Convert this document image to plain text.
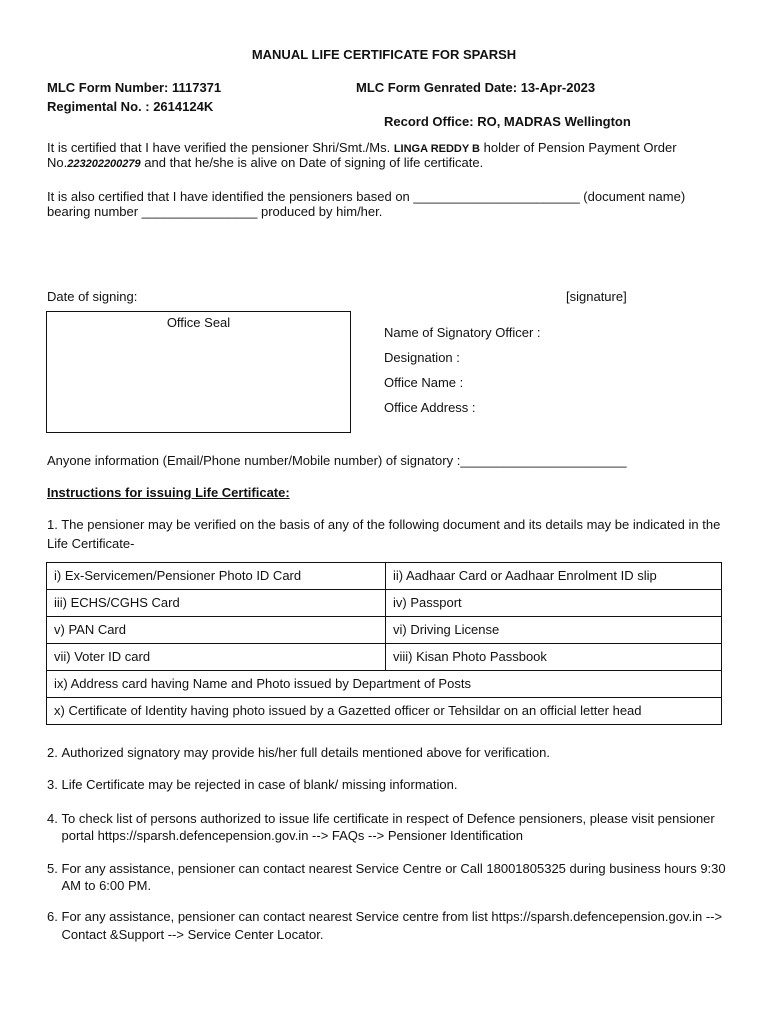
MANUAL LIFE CERTIFICATE FOR SPARSH
MLC Form Number: 1117371	MLC Form Genrated Date: 13-Apr-2023
Regimental No. : 2614124K
Record Office: RO, MADRAS Wellington

It is certified that I have verified the pensioner Shri/Smt./Ms. LINGA REDDY B holder of Pension Payment Order No.223202200279 and that he/she is alive on Date of signing of life certificate.

It is also certified that I have identified the pensioners based on _______________________ (document name) bearing number ________________ produced by him/her.

Date of signing:	[signature]
Office Seal
Name of Signatory Officer :
Designation :
Office Name :
Office Address :
Anyone information (Email/Phone number/Mobile number) of signatory :_______________________
Instructions for issuing Life Certificate:

1. The pensioner may be verified on the basis of any of the following document and its details may be indicated in the Life Certificate-

i) Ex-Servicemen/Pensioner Photo ID Card	ii) Aadhaar Card or Aadhaar Enrolment ID slip
iii) ECHS/CGHS Card	iv) Passport
v) PAN Card	vi) Driving License
vii) Voter ID card	viii) Kisan Photo Passbook
ix) Address card having Name and Photo issued by Department of Posts	
x) Certificate of Identity having photo issued by a Gazetted officer or Tehsildar on an official letter head	
2. Authorized signatory may provide his/her full details mentioned above for verification.
3. Life Certificate may be rejected in case of blank/ missing information.
4. To check list of persons authorized to issue life certificate in respect of Defence pensioners, please visit pensioner portal https://sparsh.defencepension.gov.in --> FAQs --> Pensioner Identification
5. For any assistance, pensioner can contact nearest Service Centre or Call 18001805325 during business hours 9:30 AM to 6:00 PM.
6. For any assistance, pensioner can contact nearest Service centre from list https://sparsh.defencepension.gov.in --> Contact &Support --> Service Center Locator.
